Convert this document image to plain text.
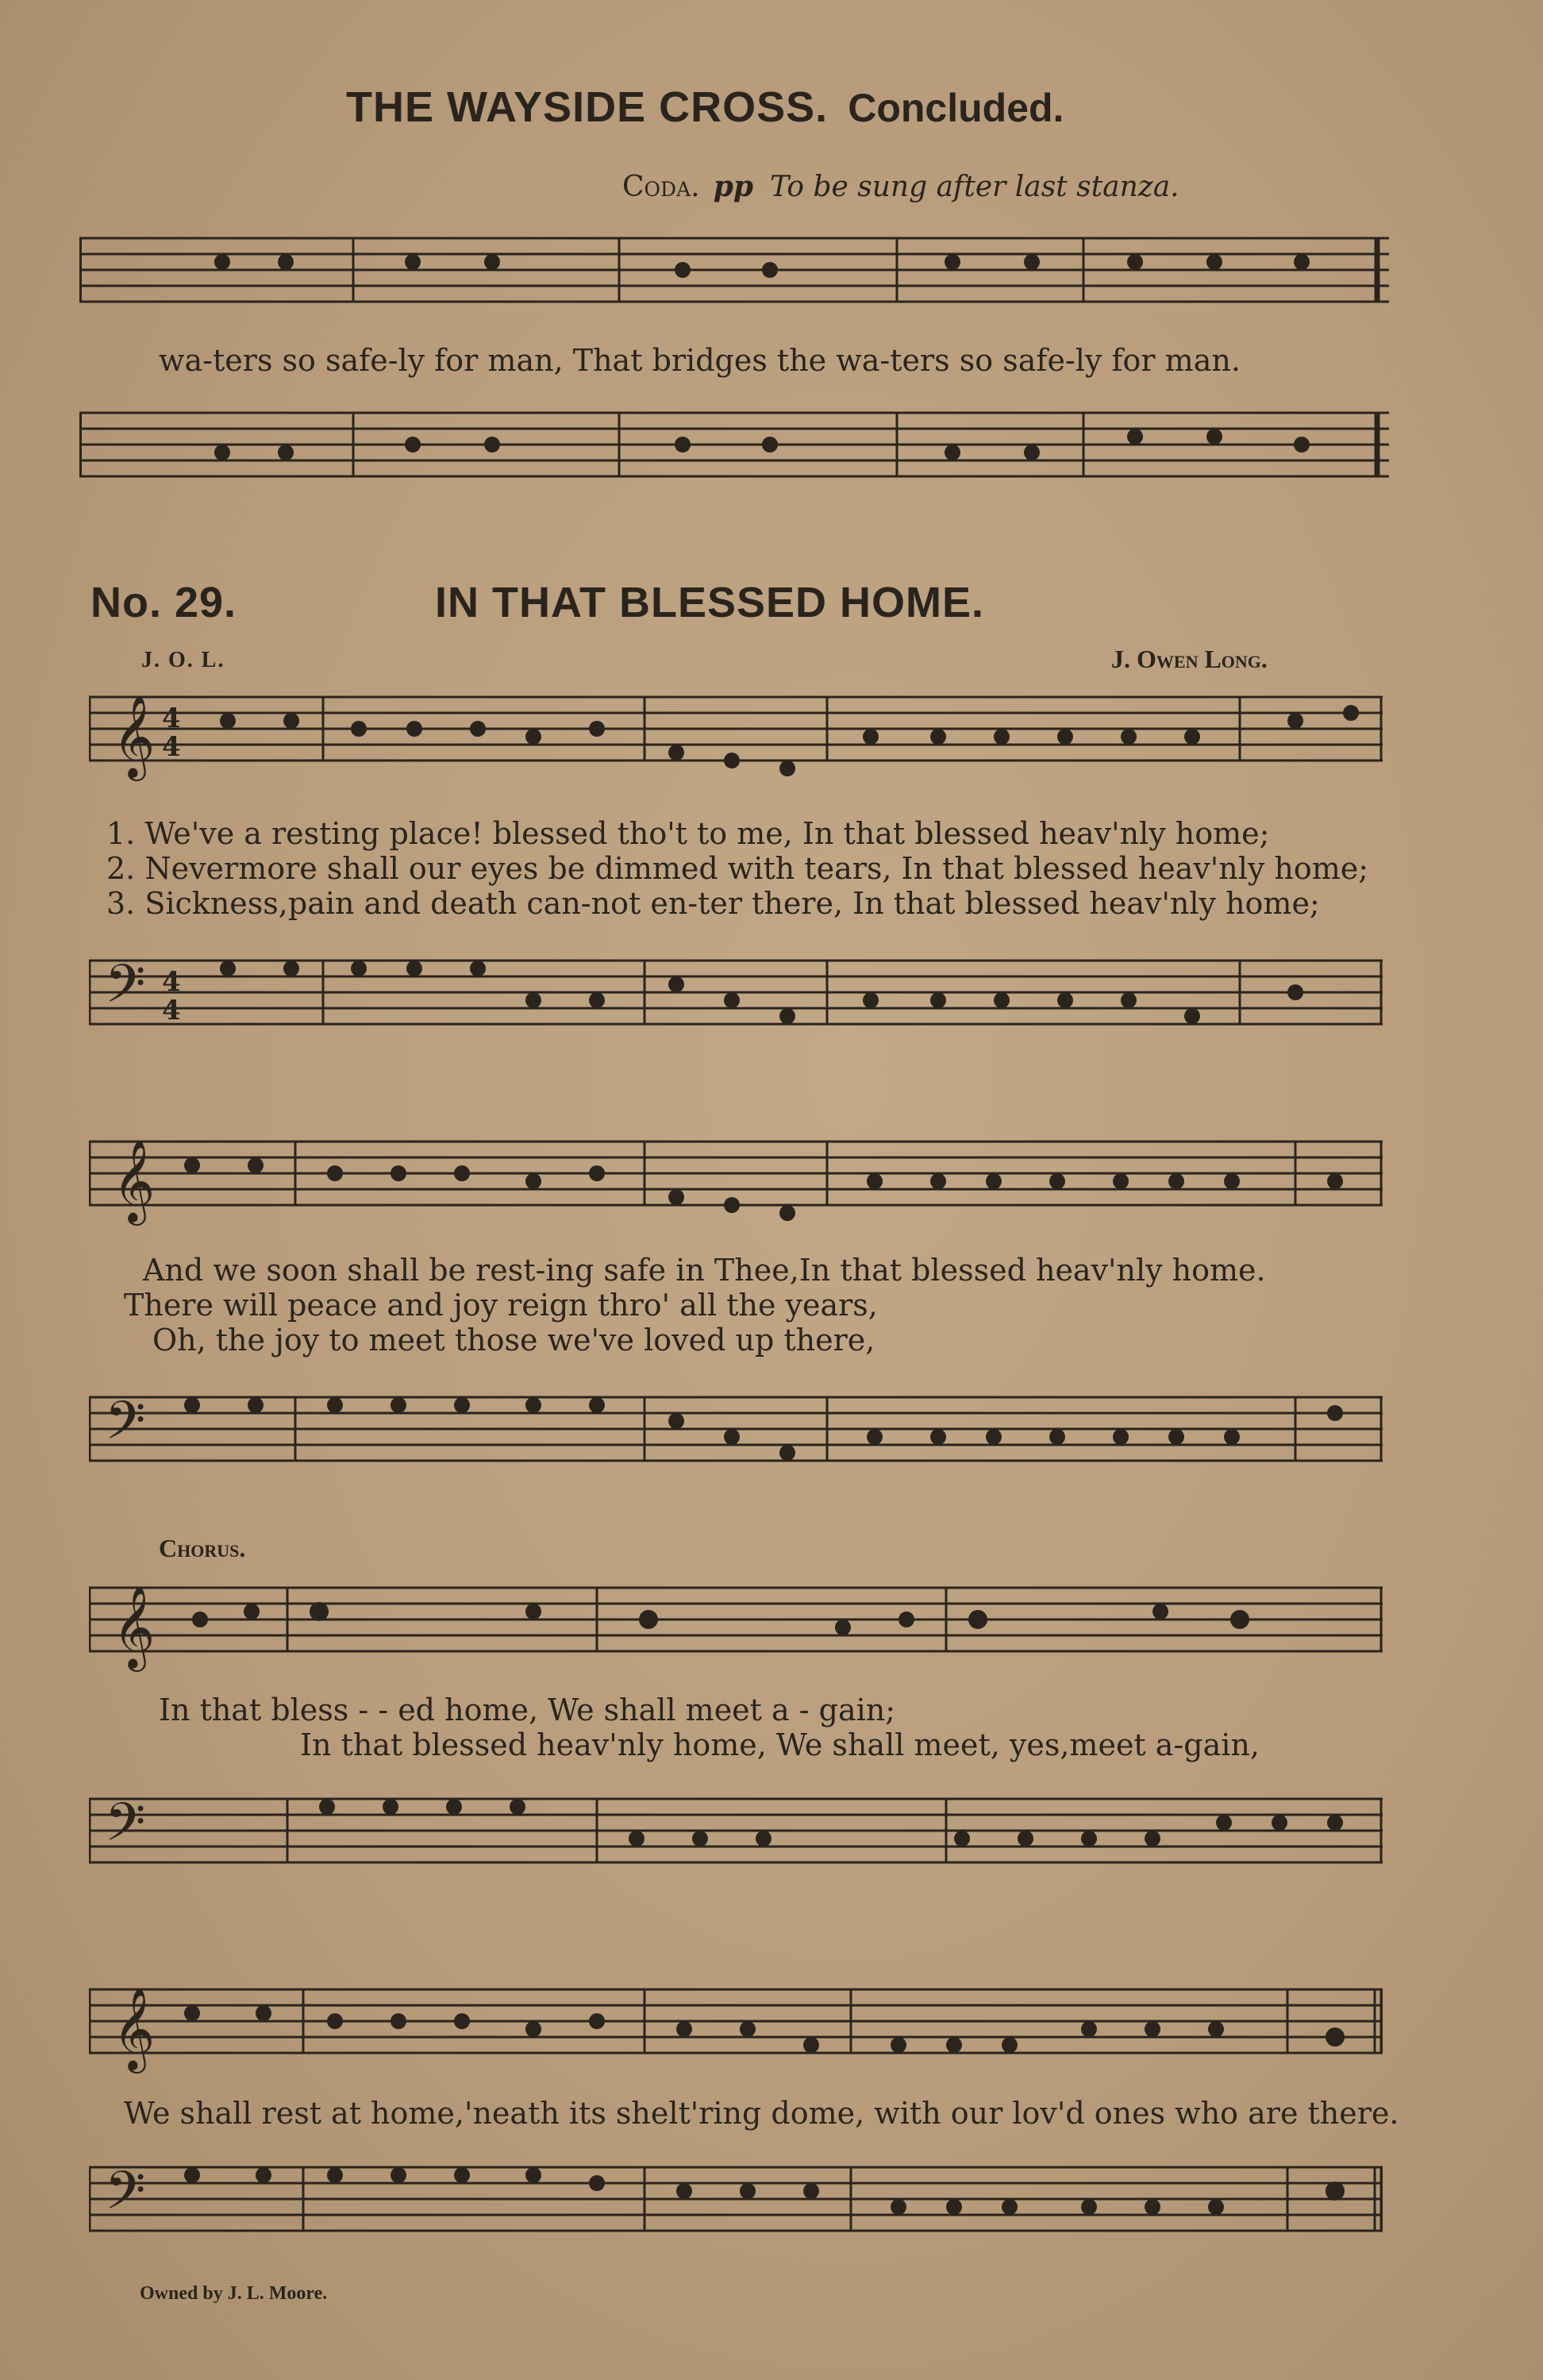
THE WAYSIDE CROSS. Concluded.
Coda. pp To be sung after last stanza.
wa-ters so safe-ly for man, That bridges the wa-ters so safe-ly for man.
No. 29.	IN THAT BLESSED HOME.
J. O. L.	J. Owen Long.
𝄞 4
4
1. We've a resting place! blessed tho't to me, In that blessed heav'nly home;
2. Nevermore shall our eyes be dimmed with tears, In that blessed heav'nly home;
3. Sickness,pain and death can-not en-ter there, In that blessed heav'nly home;
𝄢 4
4
𝄞
And we soon shall be rest-ing safe in Thee,In that blessed heav'nly home.
There will peace and joy reign thro' all the years,
Oh, the joy to meet those we've loved up there,
𝄢
Chorus.
𝄞
In that bless - - ed home, We shall meet a - gain;
In that blessed heav'nly home, We shall meet, yes,meet a-gain,
𝄢
𝄞
We shall rest at home,'neath its shelt'ring dome, with our lov'd ones who are there.
𝄢
Owned by J. L. Moore.
